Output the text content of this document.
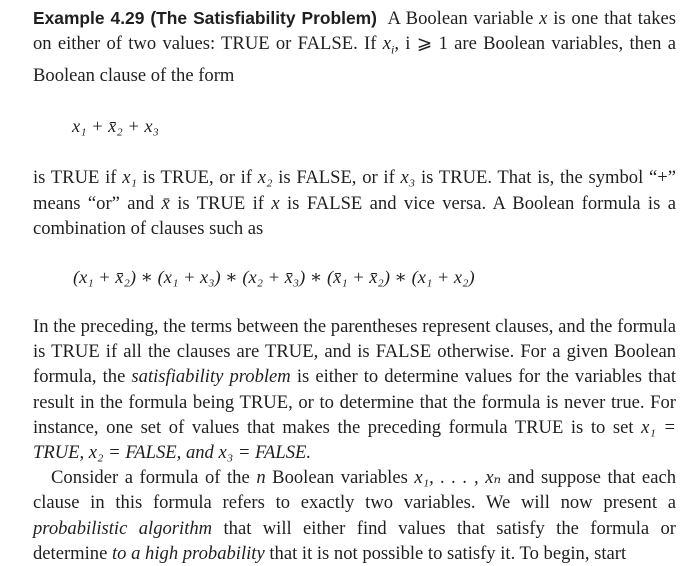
Example 4.29 (The Satisfiability Problem) A Boolean variable x is one that takes on either of two values: TRUE or FALSE. If $x_i$, i ⩾ 1 are Boolean variables, then a Boolean clause of the form

x₁ + x̄₂ + x₃

is TRUE if x₁ is TRUE, or if x₂ is FALSE, or if x₃ is TRUE. That is, the symbol “+” means “or” and x̄ is TRUE if x is FALSE and vice versa. A Boolean formula is a combination of clauses such as

(x₁ + x̄₂) ∗ (x₁ + x₃) ∗ (x₂ + x̄₃) ∗ (x̄₁ + x̄₂) ∗ (x₁ + x₂)

In the preceding, the terms between the parentheses represent clauses, and the formula is TRUE if all the clauses are TRUE, and is FALSE otherwise. For a given Boolean formula, the satisfiability problem is either to determine values for the variables that result in the formula being TRUE, or to determine that the formula is never true. For instance, one set of values that makes the preceding formula TRUE is to set x₁ = TRUE, x₂ = FALSE, and x₃ = FALSE.

Consider a formula of the n Boolean variables x₁, . . . , xₙ and suppose that each clause in this formula refers to exactly two variables. We will now present a probabilistic algorithm that will either find values that satisfy the formula or determine to a high probability that it is not possible to satisfy it. To begin, start
